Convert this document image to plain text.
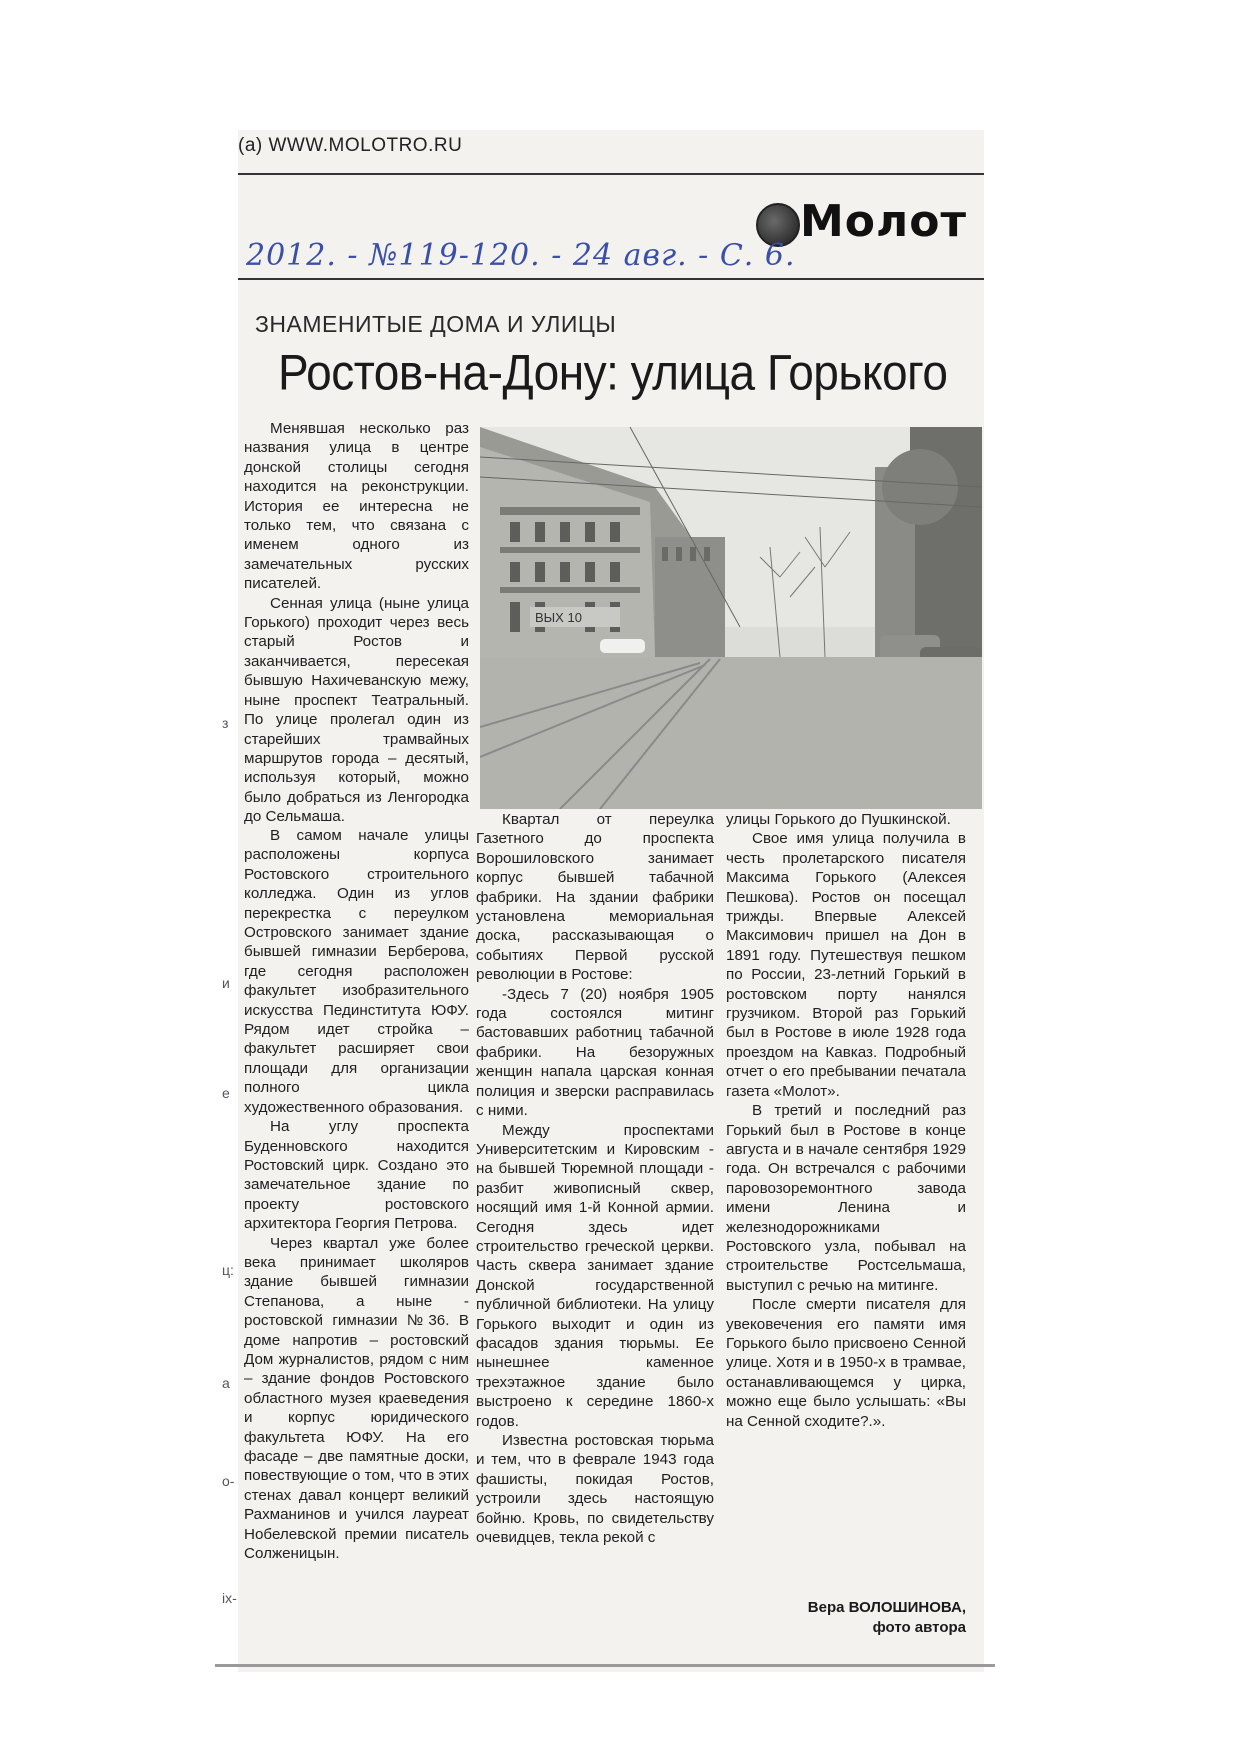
(a) WWW.MOLOTRO.RU
Молот
2012. - №119-120. - 24 авг. - С. 6.
ЗНАМЕНИТЫЕ ДОМА И УЛИЦЫ
Ростов-на-Дону: улица Горького
ВЫХ 10

Менявшая несколько раз названия улица в центре донской столицы сегодня находится на реконструкции. История ее интересна не только тем, что связана с именем одного из замечательных русских писателей.

Сенная улица (ныне улица Горького) проходит через весь старый Ростов и заканчивается, пересекая бывшую Нахичеванскую межу, ныне проспект Театральный. По улице пролегал один из старейших трамвайных маршрутов города – десятый, используя который, можно было добраться из Ленгородка до Сельмаша.

В самом начале улицы расположены корпуса Ростовского строительного колледжа. Один из углов перекрестка с переулком Островского занимает здание бывшей гимназии Берберова, где сегодня расположен факультет изобразительного искусства Пединститута ЮФУ. Рядом идет стройка – факультет расширяет свои площади для организации полного цикла художественного образования.

На углу проспекта Буденновского находится Ростовский цирк. Создано это замечательное здание по проекту ростовского архитектора Георгия Петрова.

Через квартал уже более века принимает школяров здание бывшей гимназии Степанова, а ныне - ростовской гимназии №36. В доме напротив – ростовский Дом журналистов, рядом с ним – здание фондов Ростовского областного музея краеведения и корпус юридического факультета ЮФУ. На его фасаде – две памятные доски, повествующие о том, что в этих стенах давал концерт великий Рахманинов и учился лауреат Нобелевской премии писатель Солженицын.

Квартал от переулка Газетного до проспекта Ворошиловского занимает корпус бывшей табачной фабрики. На здании фабрики установлена мемориальная доска, рассказывающая о событиях Первой русской революции в Ростове:

-Здесь 7 (20) ноября 1905 года состоялся митинг бастовавших работниц табачной фабрики. На безоружных женщин напала царская конная полиция и зверски расправилась с ними.

Между проспектами Университетским и Кировским - на бывшей Тюремной площади - разбит живописный сквер, носящий имя 1-й Конной армии. Сегодня здесь идет строительство греческой церкви. Часть сквера занимает здание Донской государственной публичной библиотеки. На улицу Горького выходит и один из фасадов здания тюрьмы. Ее нынешнее каменное трехэтажное здание было выстроено к середине 1860-х годов.

Известна ростовская тюрьма и тем, что в феврале 1943 года фашисты, покидая Ростов, устроили здесь настоящую бойню. Кровь, по свидетельству очевидцев, текла рекой с

улицы Горького до Пушкинской.

Свое имя улица получила в честь пролетарского писателя Максима Горького (Алексея Пешкова). Ростов он посещал трижды. Впервые Алексей Максимович пришел на Дон в 1891 году. Путешествуя пешком по России, 23-летний Горький в ростовском порту нанялся грузчиком. Второй раз Горький был в Ростове в июле 1928 года проездом на Кавказ. Подробный отчет о его пребывании печатала газета «Молот».

В третий и последний раз Горький был в Ростове в конце августа и в начале сентября 1929 года. Он встречался с рабочими паровозоремонтного завода имени Ленина и железнодорожниками Ростовского узла, побывал на строительстве Ростсельмаша, выступил с речью на митинге.

После смерти писателя для увековечения его памяти имя Горького было присвоено Сенной улице. Хотя и в 1950-х в трамвае, останавливающемся у цирка, можно еще было услышать: «Вы на Сенной сходите?.».

Вера ВОЛОШИНОВА,
фото автора
з
и
е
ц:
а
о-
ix-
